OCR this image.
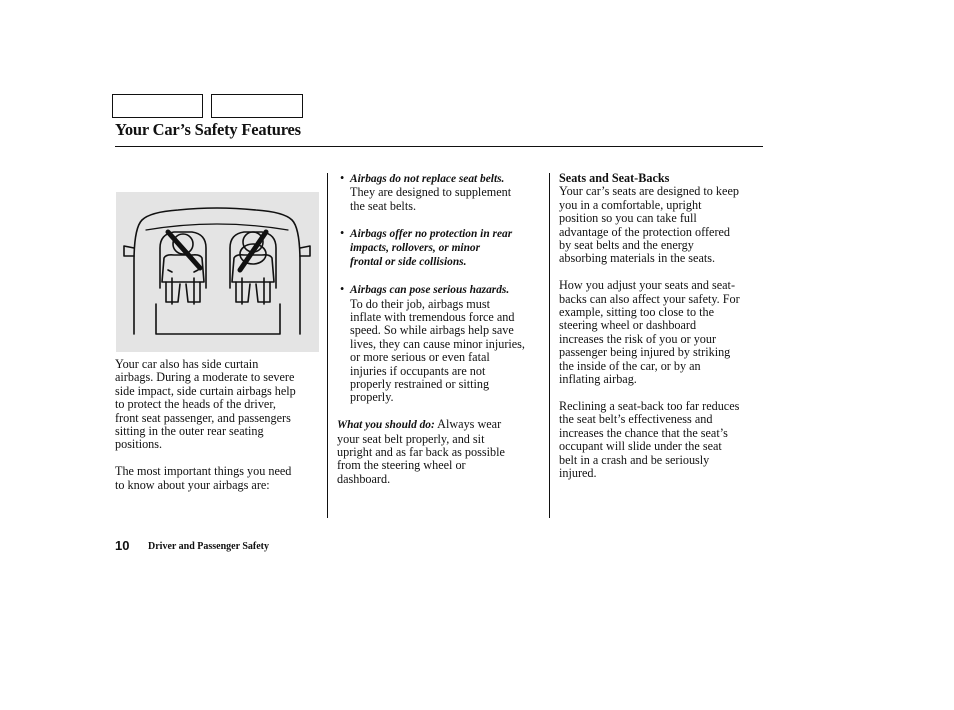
Your Car’s Safety Features

Your car also has side curtain
airbags. During a moderate to severe
side impact, side curtain airbags help
to protect the heads of the driver,
front seat passenger, and passengers
sitting in the outer rear seating
positions.

The most important things you need
to know about your airbags are:

• Airbags do not replace seat belts.
They are designed to supplement
the seat belts.
• Airbags offer no protection in rear
impacts, rollovers, or minor
frontal or side collisions.
• Airbags can pose serious hazards.
To do their job, airbags must
inflate with tremendous force and
speed. So while airbags help save
lives, they can cause minor injuries,
or more serious or even fatal
injuries if occupants are not
properly restrained or sitting
properly.

What you should do: Always wear
your seat belt properly, and sit
upright and as far back as possible
from the steering wheel or
dashboard.

Seats and Seat-Backs

Your car’s seats are designed to keep
you in a comfortable, upright
position so you can take full
advantage of the protection offered
by seat belts and the energy
absorbing materials in the seats.

How you adjust your seats and seat-
backs can also affect your safety. For
example, sitting too close to the
steering wheel or dashboard
increases the risk of you or your
passenger being injured by striking
the inside of the car, or by an
inflating airbag.

Reclining a seat-back too far reduces
the seat belt’s effectiveness and
increases the chance that the seat’s
occupant will slide under the seat
belt in a crash and be seriously
injured.

10 Driver and Passenger Safety
